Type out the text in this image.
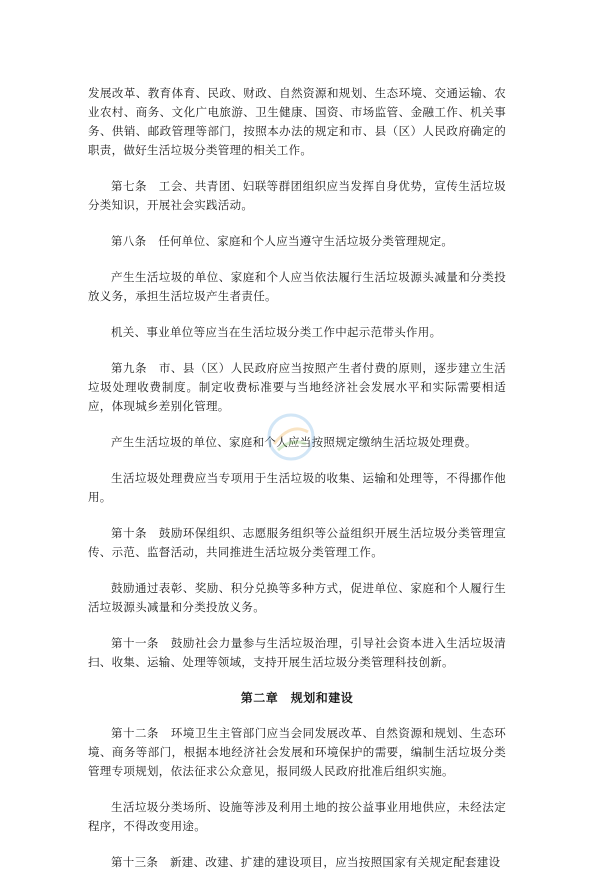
发展改革、教育体育、民政、财政、自然资源和规划、生态环境、交通运输、农业农村、商务、文化广电旅游、卫生健康、国资、市场监管、金融工作、机关事务、供销、邮政管理等部门，按照本办法的规定和市、县（区）人民政府确定的职责，做好生活垃圾分类管理的相关工作。

第七条　工会、共青团、妇联等群团组织应当发挥自身优势，宣传生活垃圾分类知识，开展社会实践活动。

第八条　任何单位、家庭和个人应当遵守生活垃圾分类管理规定。

产生生活垃圾的单位、家庭和个人应当依法履行生活垃圾源头减量和分类投放义务，承担生活垃圾产生者责任。

机关、事业单位等应当在生活垃圾分类工作中起示范带头作用。

第九条　市、县（区）人民政府应当按照产生者付费的原则，逐步建立生活垃圾处理收费制度。制定收费标准要与当地经济社会发展水平和实际需要相适应，体现城乡差别化管理。

产生生活垃圾的单位、家庭和个人应当按照规定缴纳生活垃圾处理费。

生活垃圾处理费应当专项用于生活垃圾的收集、运输和处理等，不得挪作他用。

第十条　鼓励环保组织、志愿服务组织等公益组织开展生活垃圾分类管理宣传、示范、监督活动，共同推进生活垃圾分类管理工作。

鼓励通过表彰、奖励、积分兑换等多种方式，促进单位、家庭和个人履行生活垃圾源头减量和分类投放义务。

第十一条　鼓励社会力量参与生活垃圾治理，引导社会资本进入生活垃圾清扫、收集、运输、处理等领域，支持开展生活垃圾分类管理科技创新。

第二章　规划和建设

第十二条　环境卫生主管部门应当会同发展改革、自然资源和规划、生态环境、商务等部门，根据本地经济社会发展和环境保护的需要，编制生活垃圾分类管理专项规划，依法征求公众意见，报同级人民政府批准后组织实施。

生活垃圾分类场所、设施等涉及利用土地的按公益事业用地供应，未经法定程序，不得改变用途。

第十三条　新建、改建、扩建的建设项目，应当按照国家有关规定配套建设
